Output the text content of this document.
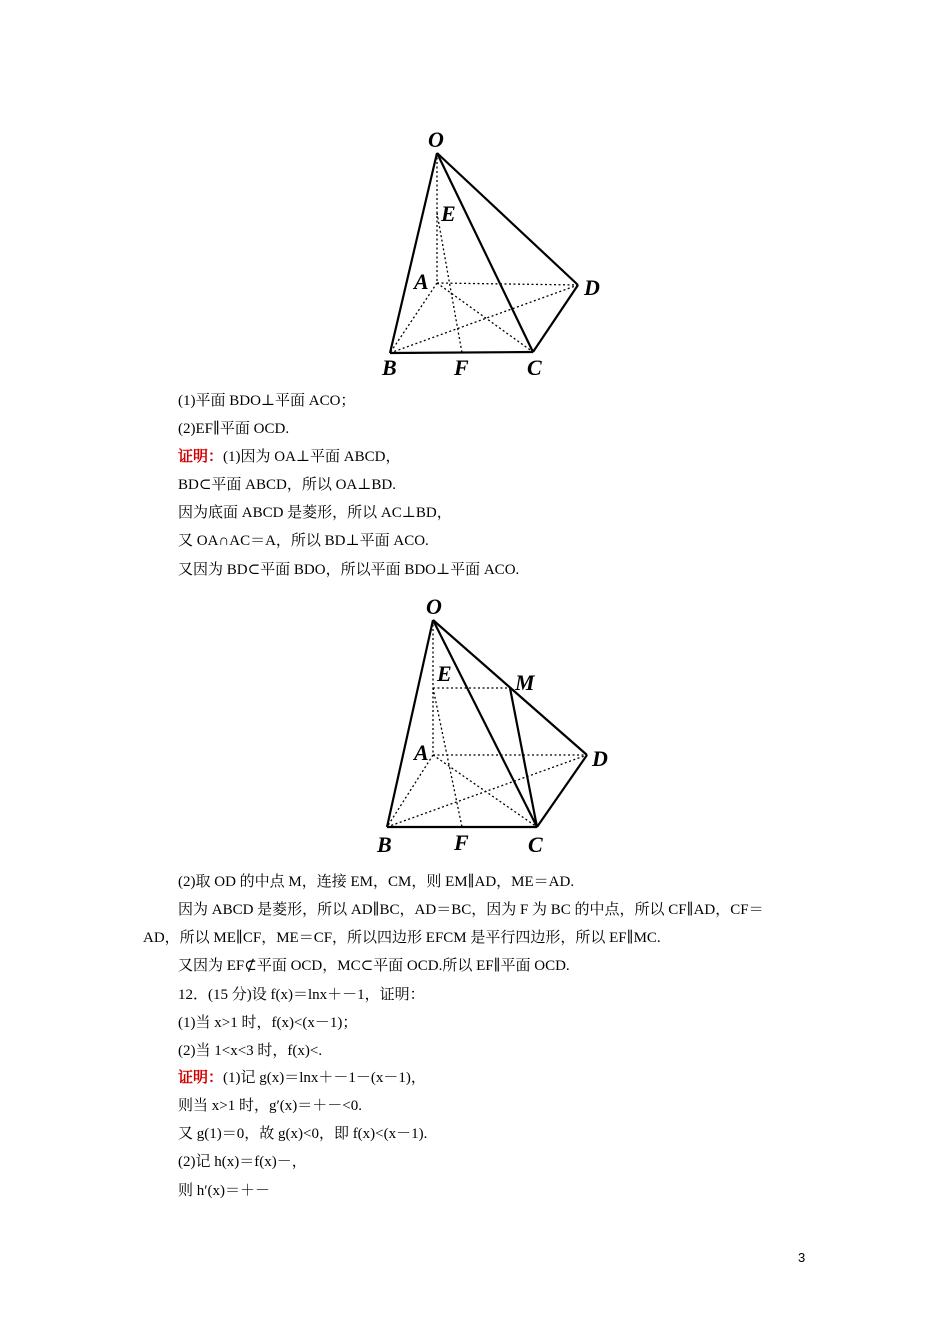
O
E
A	D
B	F	C
(1)平面 BDO⊥平面 ACO；
(2)EF∥平面 OCD.
证明：(1)因为 OA⊥平面 ABCD，
BD⊂平面 ABCD，所以 OA⊥BD.
因为底面 ABCD 是菱形，所以 AC⊥BD，
又 OA∩AC＝A，所以 BD⊥平面 ACO.
又因为 BD⊂平面 BDO，所以平面 BDO⊥平面 ACO.
O
E	M
A	D
B	F	C
(2)取 OD 的中点 M，连接 EM，CM，则 EM∥AD，ME＝AD.
因为 ABCD 是菱形，所以 AD∥BC，AD＝BC，因为 F 为 BC 的中点，所以 CF∥AD，CF＝
AD，所以 ME∥CF，ME＝CF，所以四边形 EFCM 是平行四边形，所以 EF∥MC.
又因为 EF⊄平面 OCD，MC⊂平面 OCD.所以 EF∥平面 OCD.
12．(15 分)设 f(x)＝lnx＋－1，证明：
(1)当 x>1 时，f(x)<(x－1)；
(2)当 1<x<3 时，f(x)<.
证明：(1)记 g(x)＝lnx＋－1－(x－1)，
则当 x>1 时，g′(x)＝＋－<0.
又 g(1)＝0，故 g(x)<0，即 f(x)<(x－1).
(2)记 h(x)＝f(x)－，
则 h′(x)＝＋－
3
